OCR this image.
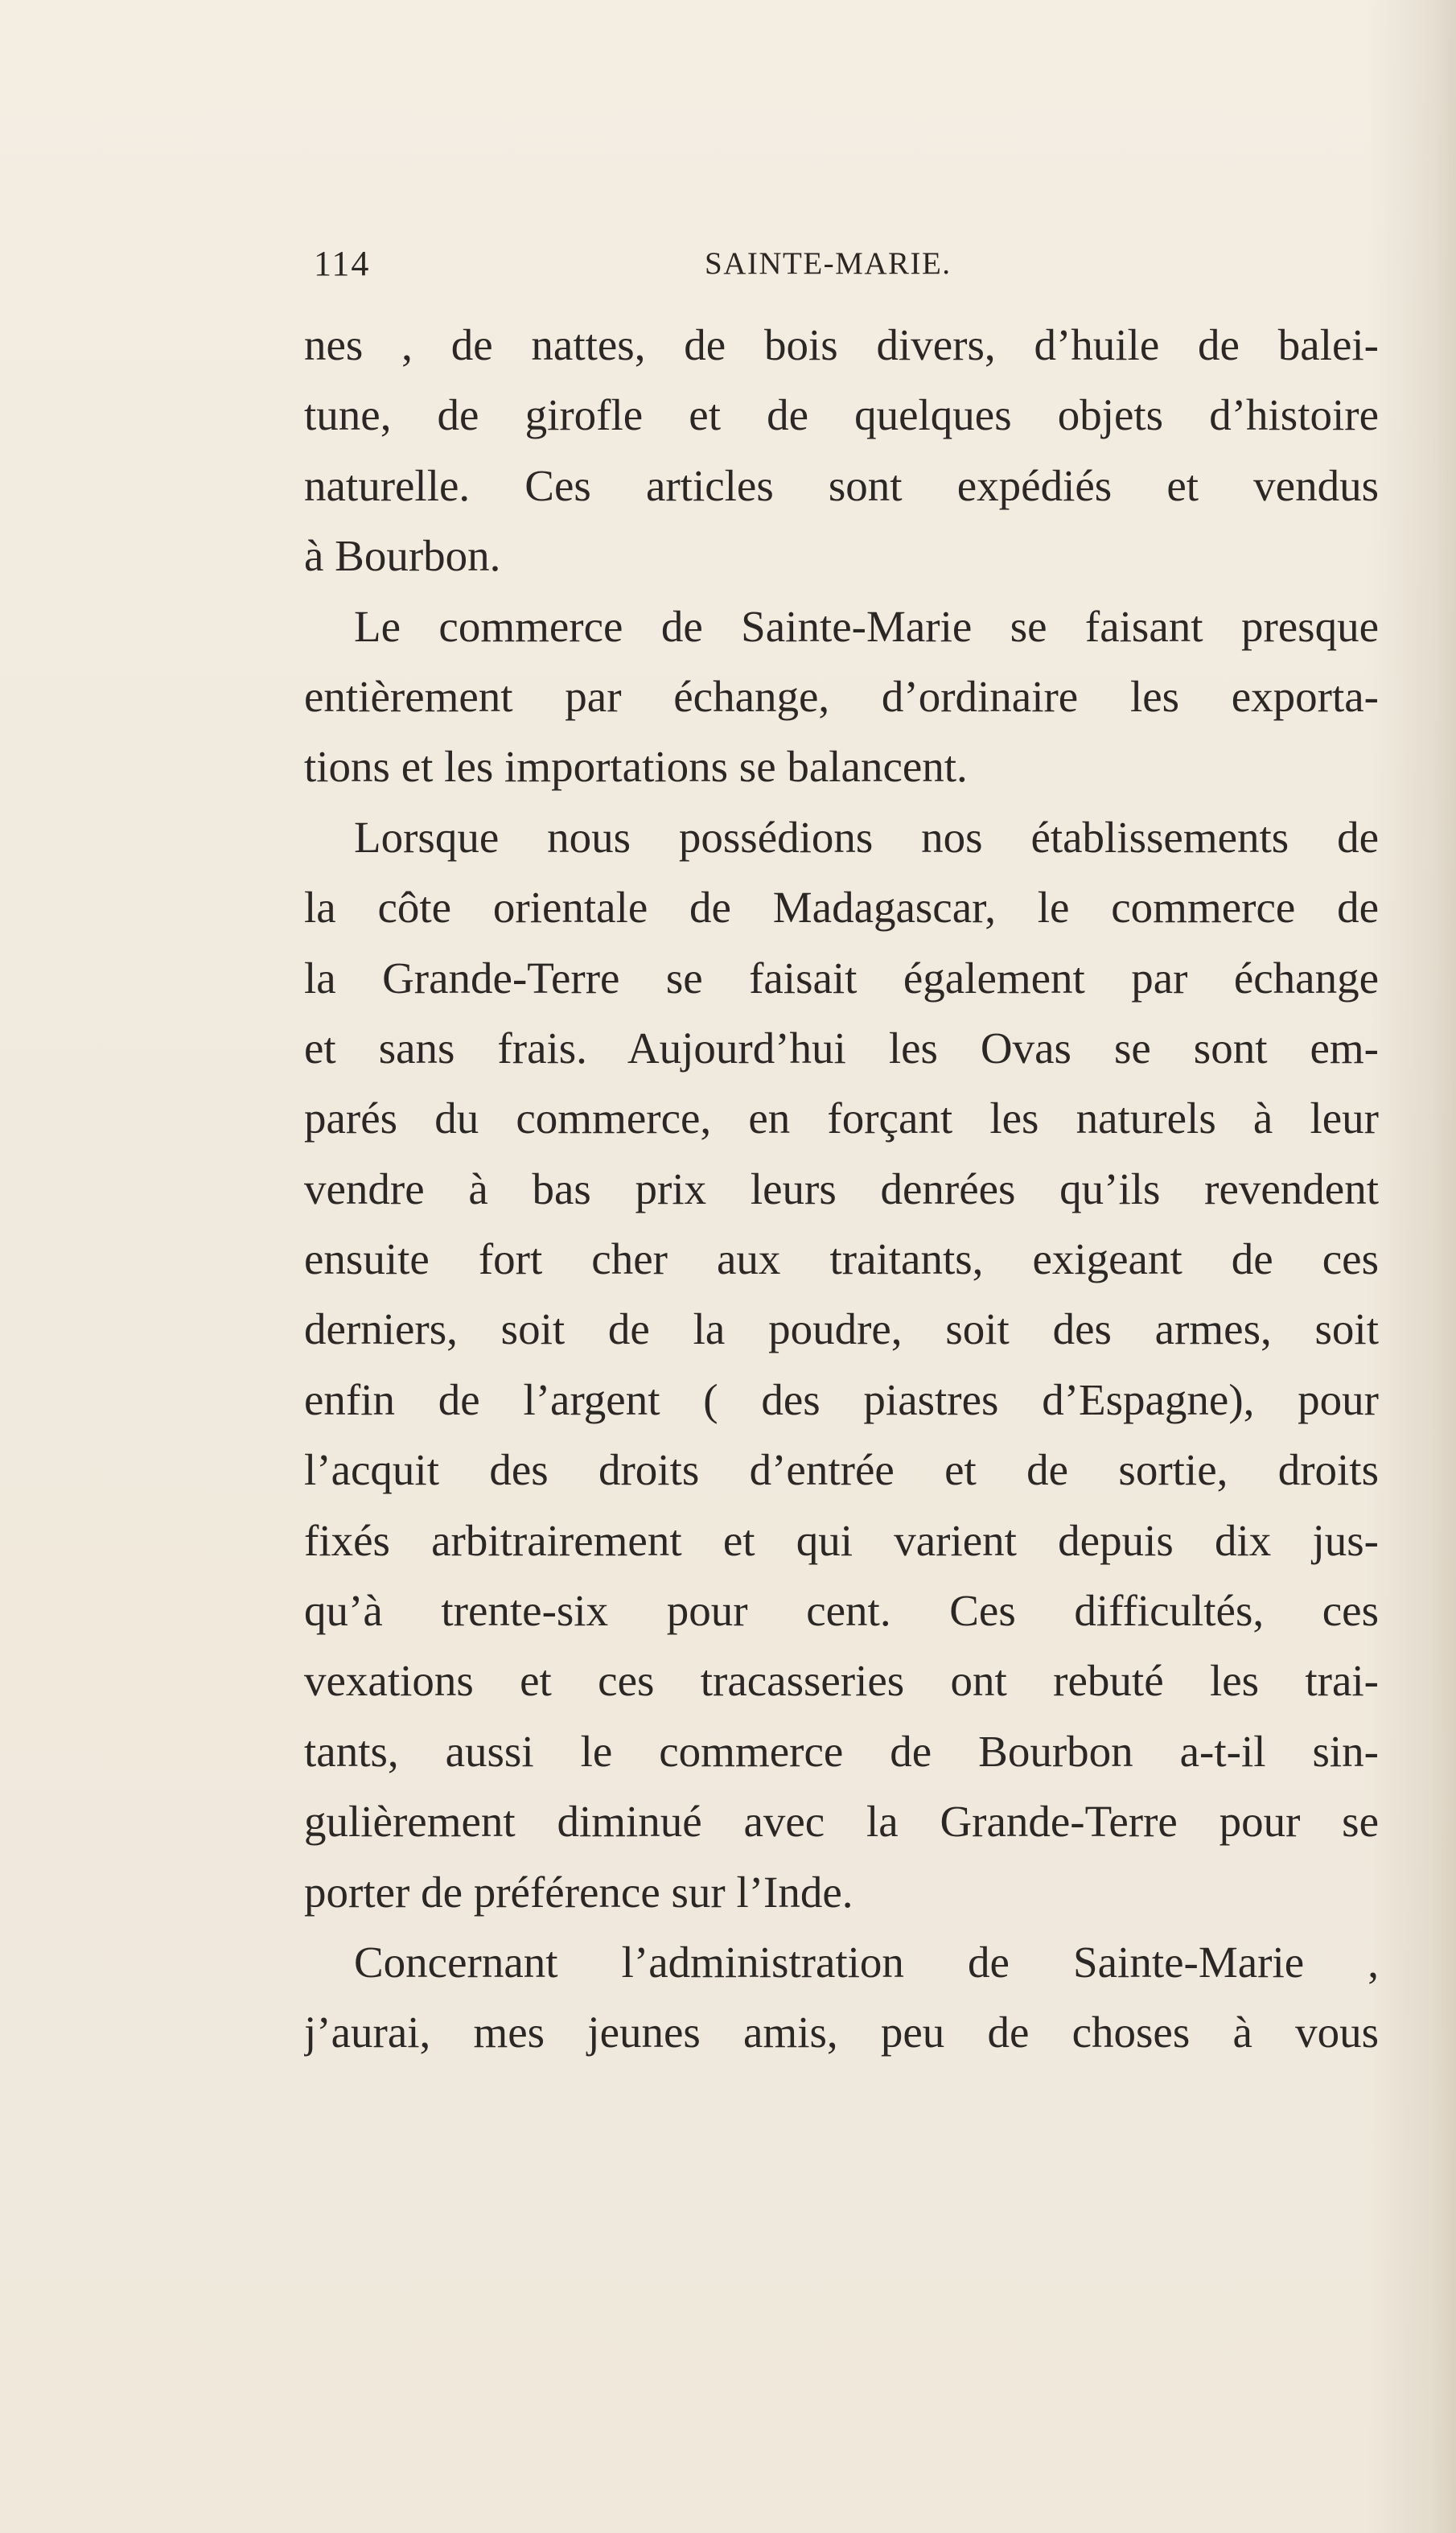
114	SAINTE-MARIE.
nes , de nattes, de bois divers, d’huile de balei-
tune, de girofle et de quelques objets d’histoire
naturelle. Ces articles sont expédiés et vendus
à Bourbon.
Le commerce de Sainte-Marie se faisant presque
entièrement par échange, d’ordinaire les exporta-
tions et les importations se balancent.
Lorsque nous possédions nos établissements de
la côte orientale de Madagascar, le commerce de
la Grande-Terre se faisait également par échange
et sans frais. Aujourd’hui les Ovas se sont em-
parés du commerce, en forçant les naturels à leur
vendre à bas prix leurs denrées qu’ils revendent
ensuite fort cher aux traitants, exigeant de ces
derniers, soit de la poudre, soit des armes, soit
enfin de l’argent ( des piastres d’Espagne), pour
l’acquit des droits d’entrée et de sortie, droits
fixés arbitrairement et qui varient depuis dix jus-
qu’à trente-six pour cent. Ces difficultés, ces
vexations et ces tracasseries ont rebuté les trai-
tants, aussi le commerce de Bourbon a-t-il sin-
gulièrement diminué avec la Grande-Terre pour se
porter de préférence sur l’Inde.
Concernant l’administration de Sainte-Marie ,
j’aurai, mes jeunes amis, peu de choses à vous
